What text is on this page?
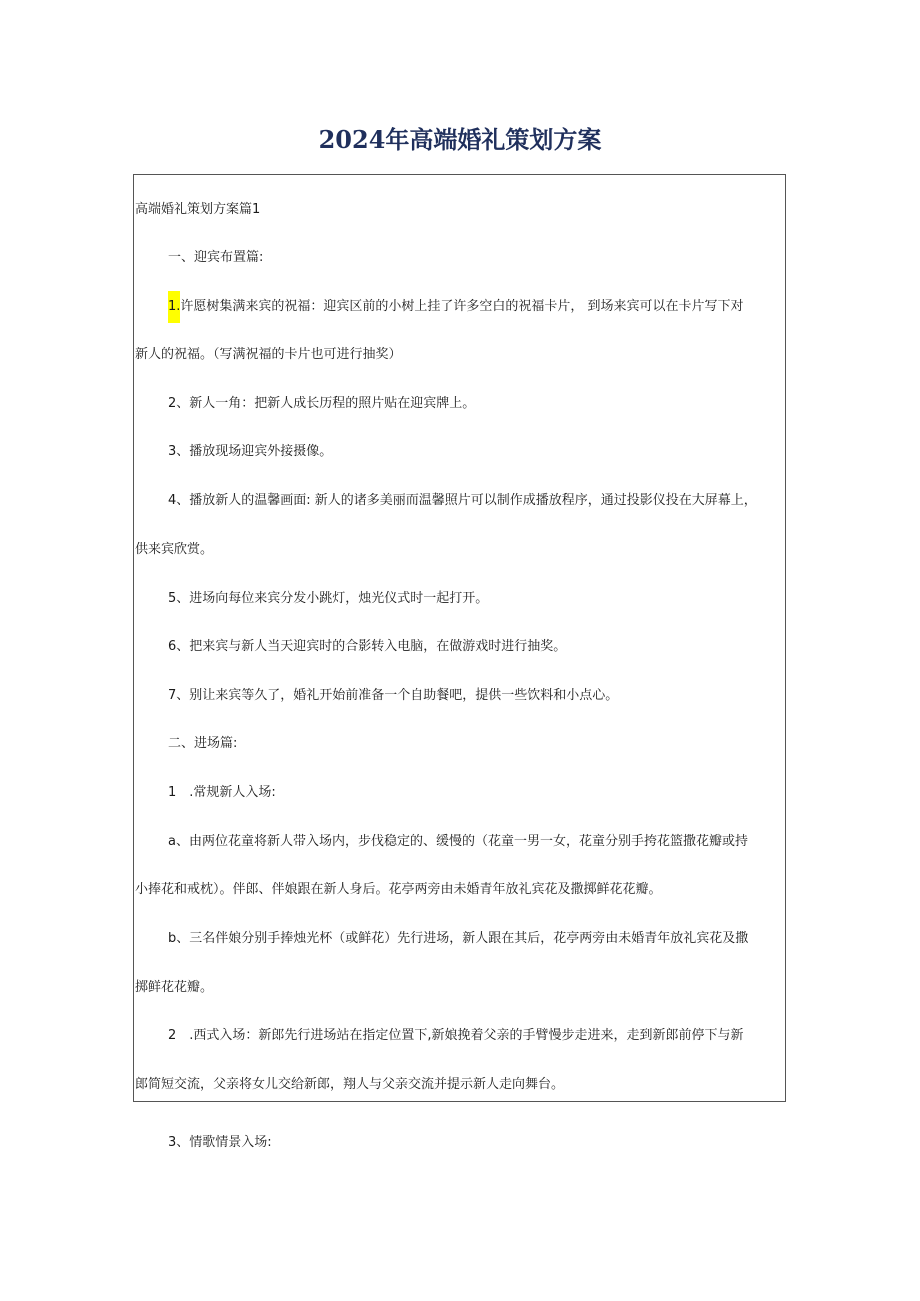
2024年高端婚礼策划方案
高端婚礼策划方案篇1
一、迎宾布置篇:
1.许愿树集满来宾的祝福：迎宾区前的小树上挂了许多空白的祝福卡片， 到场来宾可以在卡片写下对
新人的祝福。（写满祝福的卡片也可进行抽奖）
2、新人一角：把新人成长历程的照片贴在迎宾牌上。
3、播放现场迎宾外接摄像。
4、播放新人的温馨画面: 新人的诸多美丽而温馨照片可以制作成播放程序，通过投影仪投在大屏幕上，
供来宾欣赏。
5、进场向每位来宾分发小跳灯，烛光仪式时一起打开。
6、把来宾与新人当天迎宾时的合影转入电脑，在做游戏时进行抽奖。
7、别让来宾等久了，婚礼开始前准备一个自助餐吧，提供一些饮料和小点心。
二、进场篇:
1　.常规新人入场:
a、由两位花童将新人带入场内，步伐稳定的、缓慢的（花童一男一女，花童分别手挎花篮撒花瓣或持
小捧花和戒枕）。伴郎、伴娘跟在新人身后。花亭两旁由未婚青年放礼宾花及撒掷鲜花花瓣。
b、三名伴娘分别手捧烛光杯（或鲜花）先行进场，新人跟在其后，花亭两旁由未婚青年放礼宾花及撒
掷鲜花花瓣。
2　.西式入场：新郎先行进场站在指定位置下,新娘挽着父亲的手臂慢步走进来，走到新郎前停下与新
郎简短交流，父亲将女儿交给新郎，翔人与父亲交流并提示新人走向舞台。
3、情歌情景入场:
